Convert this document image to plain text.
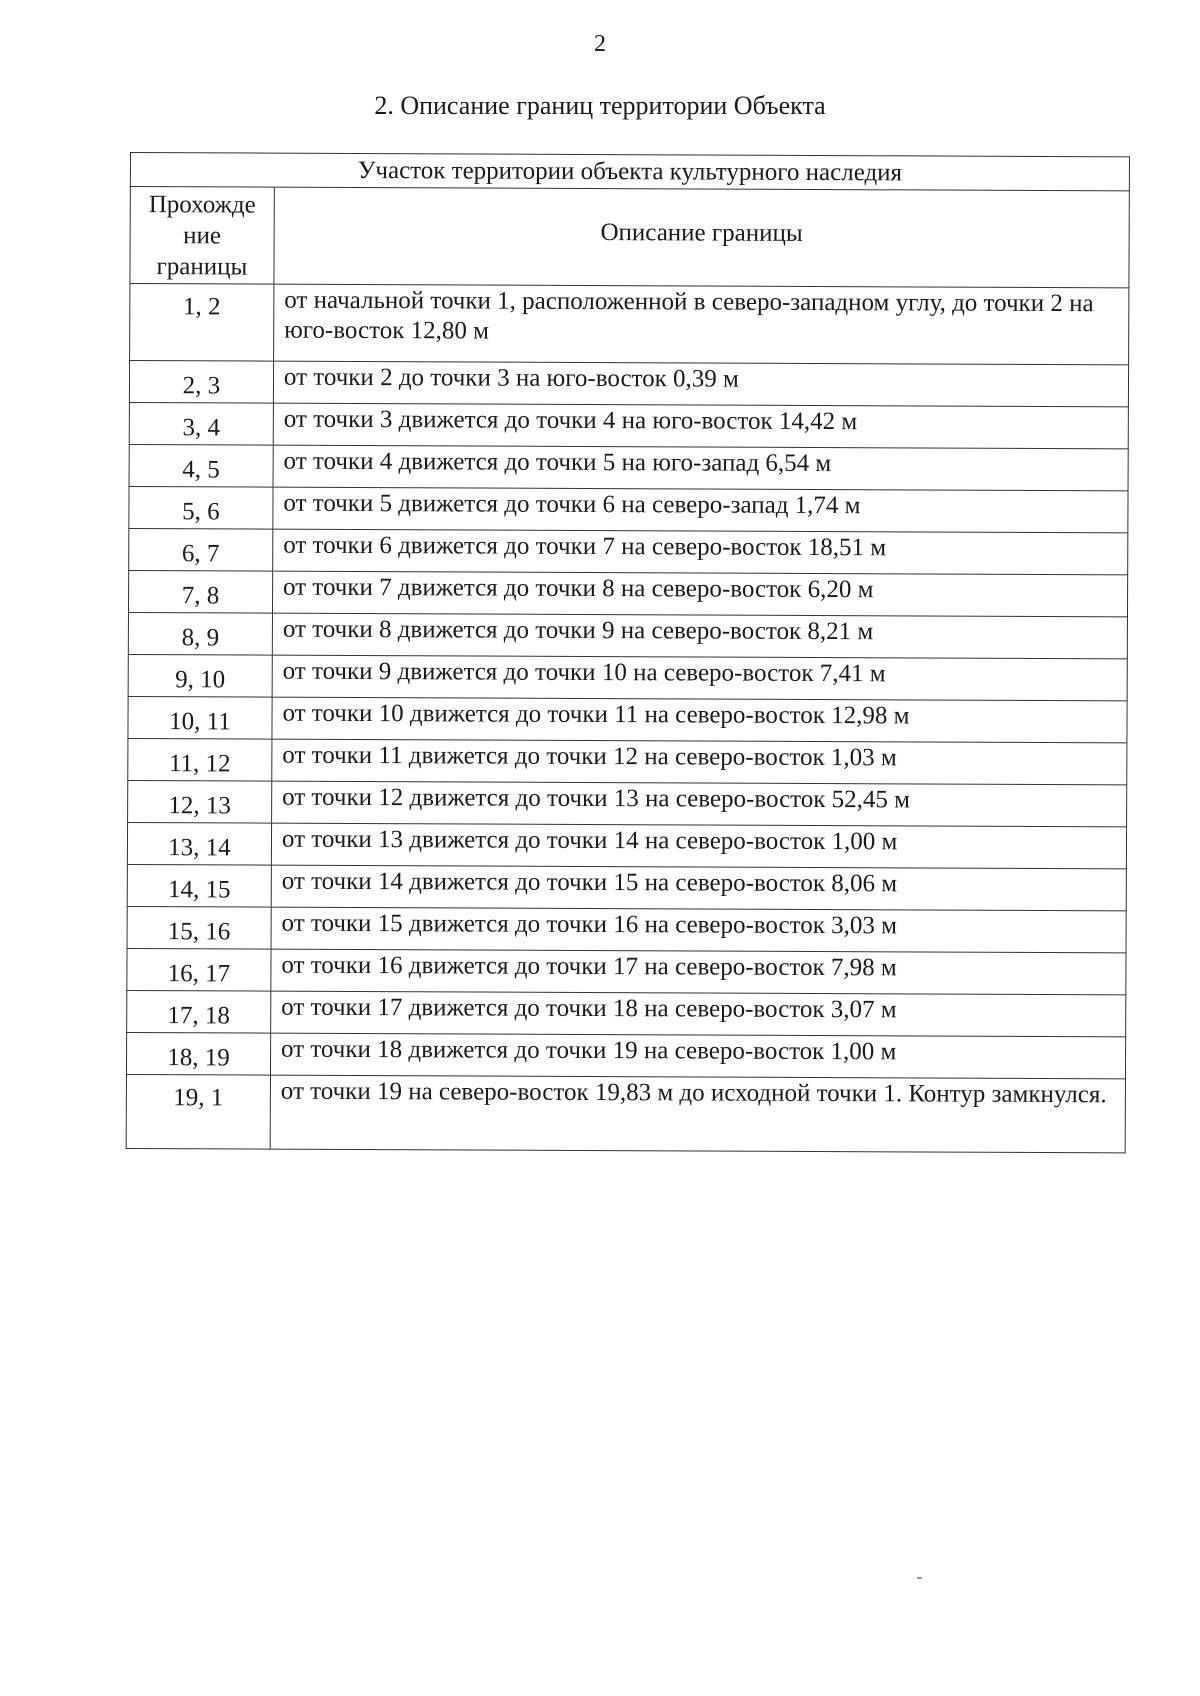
2
2. Описание границ территории Объекта
Участок территории объекта культурного наследия	

Прохожде
ние
границы	Описание границы
1, 2	от начальной точки 1, расположенной в северо-западном углу, до точки 2 на юго-восток 12,80 м
2, 3	от точки 2 до точки 3 на юго-восток 0,39 м
3, 4	от точки 3 движется до точки 4 на юго-восток 14,42 м
4, 5	от точки 4 движется до точки 5 на юго-запад 6,54 м
5, 6	от точки 5 движется до точки 6 на северо-запад 1,74 м
6, 7	от точки 6 движется до точки 7 на северо-восток 18,51 м
7, 8	от точки 7 движется до точки 8 на северо-восток 6,20 м
8, 9	от точки 8 движется до точки 9 на северо-восток 8,21 м
9, 10	от точки 9 движется до точки 10 на северо-восток 7,41 м
10, 11	от точки 10 движется до точки 11 на северо-восток 12,98 м
11, 12	от точки 11 движется до точки 12 на северо-восток 1,03 м
12, 13	от точки 12 движется до точки 13 на северо-восток 52,45 м
13, 14	от точки 13 движется до точки 14 на северо-восток 1,00 м
14, 15	от точки 14 движется до точки 15 на северо-восток 8,06 м
15, 16	от точки 15 движется до точки 16 на северо-восток 3,03 м
16, 17	от точки 16 движется до точки 17 на северо-восток 7,98 м
17, 18	от точки 17 движется до точки 18 на северо-восток 3,07 м
18, 19	от точки 18 движется до точки 19 на северо-восток 1,00 м
19, 1	от точки 19 на северо-восток 19,83 м до исходной точки 1. Контур замкнулся.
